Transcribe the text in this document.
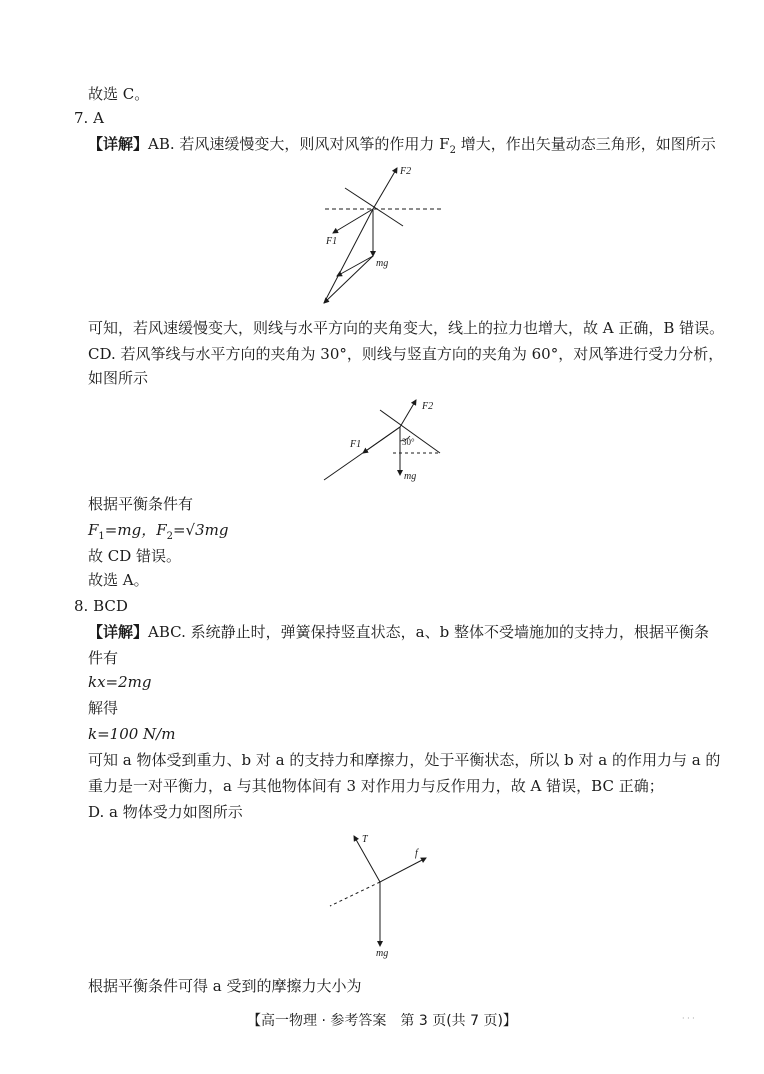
故选 C。
7. A
【详解】AB. 若风速缓慢变大，则风对风筝的作用力 $F_2$ 增大，作出矢量动态三角形，如图所示
F2
F1
mg
可知，若风速缓慢变大，则线与水平方向的夹角变大，线上的拉力也增大，故 A 正确，B 错误。
CD. 若风筝线与水平方向的夹角为 30°，则线与竖直方向的夹角为 60°，对风筝进行受力分析，
如图所示
F2
F1	30°
mg
根据平衡条件有
$F_1=mg$，$F_2=√3mg$
故 CD 错误。
故选 A。
8. BCD
【详解】ABC. 系统静止时，弹簧保持竖直状态，a、b 整体不受墙施加的支持力，根据平衡条
件有
kx=2mg
解得
k=100 N/m
可知 a 物体受到重力、b 对 a 的支持力和摩擦力，处于平衡状态，所以 b 对 a 的作用力与 a 的
重力是一对平衡力，a 与其他物体间有 3 对作用力与反作用力，故 A 错误，BC 正确；
D. a 物体受力如图所示
T
f
mg
根据平衡条件可得 a 受到的摩擦力大小为
【高一物理 · 参考答案　第 3 页(共 7 页)】	· · ·
